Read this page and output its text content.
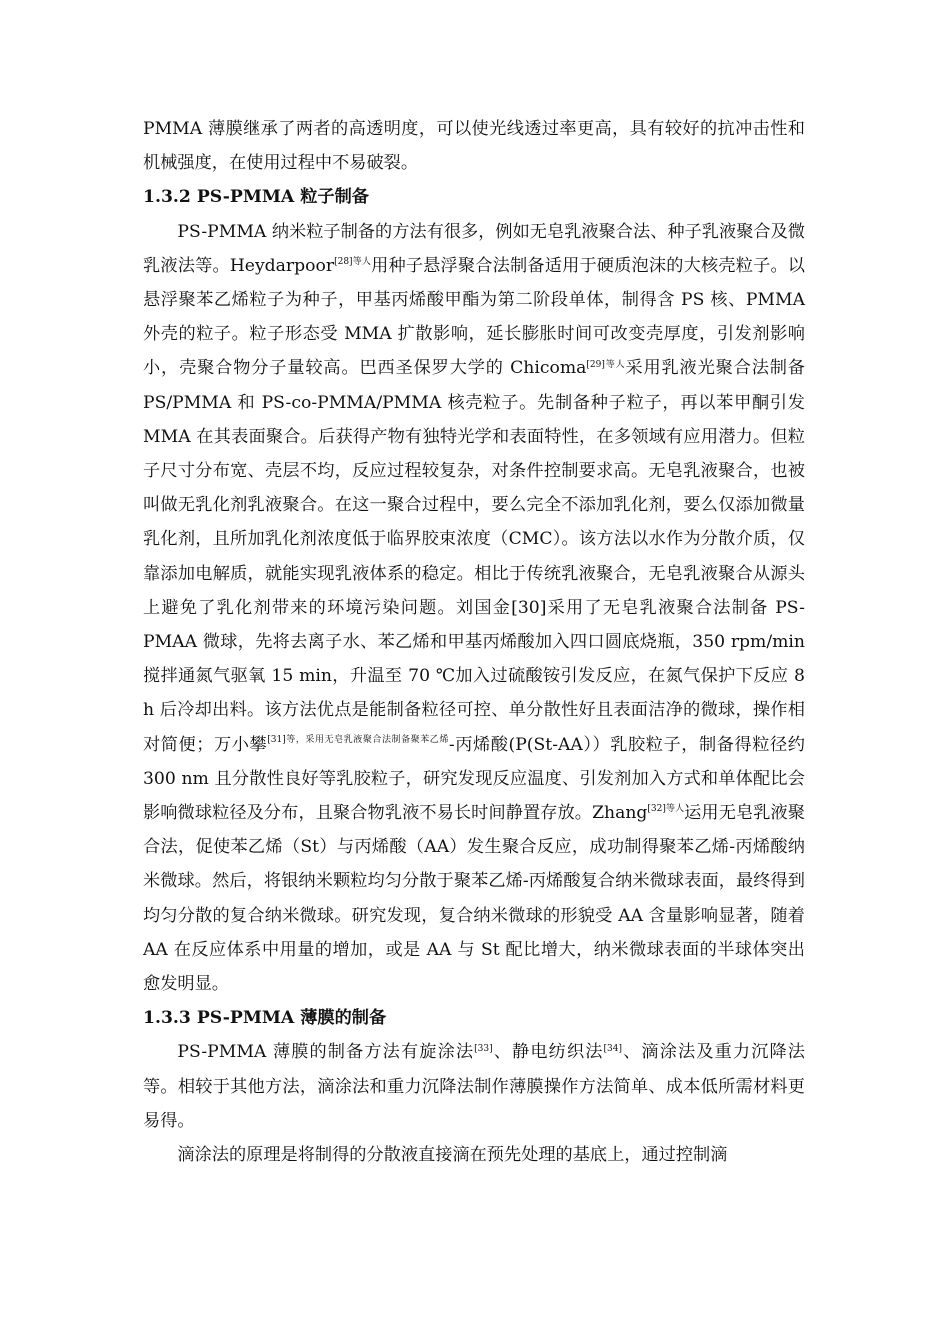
PMMA 薄膜继承了两者的高透明度，可以使光线透过率更高，具有较好的抗冲击性和机械强度，在使用过程中不易破裂。

1.3.2 PS-PMMA 粒子制备

PS-PMMA 纳米粒子制备的方法有很多，例如无皂乳液聚合法、种子乳液聚合及微乳液法等。Heydarpoor$^{[28]等人}$用种子悬浮聚合法制备适用于硬质泡沫的大核壳粒子。以悬浮聚苯乙烯粒子为种子，甲基丙烯酸甲酯为第二阶段单体，制得含 PS 核、PMMA 外壳的粒子。粒子形态受 MMA 扩散影响，延长膨胀时间可改变壳厚度，引发剂影响小，壳聚合物分子量较高。巴西圣保罗大学的 Chicoma$^{[29]等人}$采用乳液光聚合法制备 PS/PMMA 和 PS-co-PMMA/PMMA 核壳粒子。先制备种子粒子，再以苯甲酮引发 MMA 在其表面聚合。后获得产物有独特光学和表面特性，在多领域有应用潜力。但粒子尺寸分布宽、壳层不均，反应过程较复杂，对条件控制要求高。无皂乳液聚合，也被叫做无乳化剂乳液聚合。在这一聚合过程中，要么完全不添加乳化剂，要么仅添加微量乳化剂，且所加乳化剂浓度低于临界胶束浓度（CMC）。该方法以水作为分散介质，仅靠添加电解质，就能实现乳液体系的稳定。相比于传统乳液聚合，无皂乳液聚合从源头上避免了乳化剂带来的环境污染问题。刘国金[30]采用了无皂乳液聚合法制备 PS-PMAA 微球，先将去离子水、苯乙烯和甲基丙烯酸加入四口圆底烧瓶，350 rpm/min 搅拌通氮气驱氧 15 min，升温至 70 ℃加入过硫酸铵引发反应，在氮气保护下反应 8 h 后冷却出料。该方法优点是能制备粒径可控、单分散性好且表面洁净的微球，操作相对简便；万小攀$^{[31]等,采用无皂乳液聚合法制备聚苯乙烯}$-丙烯酸(P(St-AA））乳胶粒子，制备得粒径约 300 nm 且分散性良好等乳胶粒子，研究发现反应温度、引发剂加入方式和单体配比会影响微球粒径及分布，且聚合物乳液不易长时间静置存放。Zhang$^{[32]等人}$运用无皂乳液聚合法，促使苯乙烯（St）与丙烯酸（AA）发生聚合反应，成功制得聚苯乙烯-丙烯酸纳米微球。然后，将银纳米颗粒均匀分散于聚苯乙烯-丙烯酸复合纳米微球表面，最终得到均匀分散的复合纳米微球。研究发现，复合纳米微球的形貌受 AA 含量影响显著，随着 AA 在反应体系中用量的增加，或是 AA 与 St 配比增大，纳米微球表面的半球体突出愈发明显。

1.3.3 PS-PMMA 薄膜的制备

PS-PMMA 薄膜的制备方法有旋涂法[33]、静电纺织法[34]、滴涂法及重力沉降法等。相较于其他方法，滴涂法和重力沉降法制作薄膜操作方法简单、成本低所需材料更易得。

滴涂法的原理是将制得的分散液直接滴在预先处理的基底上，通过控制滴
